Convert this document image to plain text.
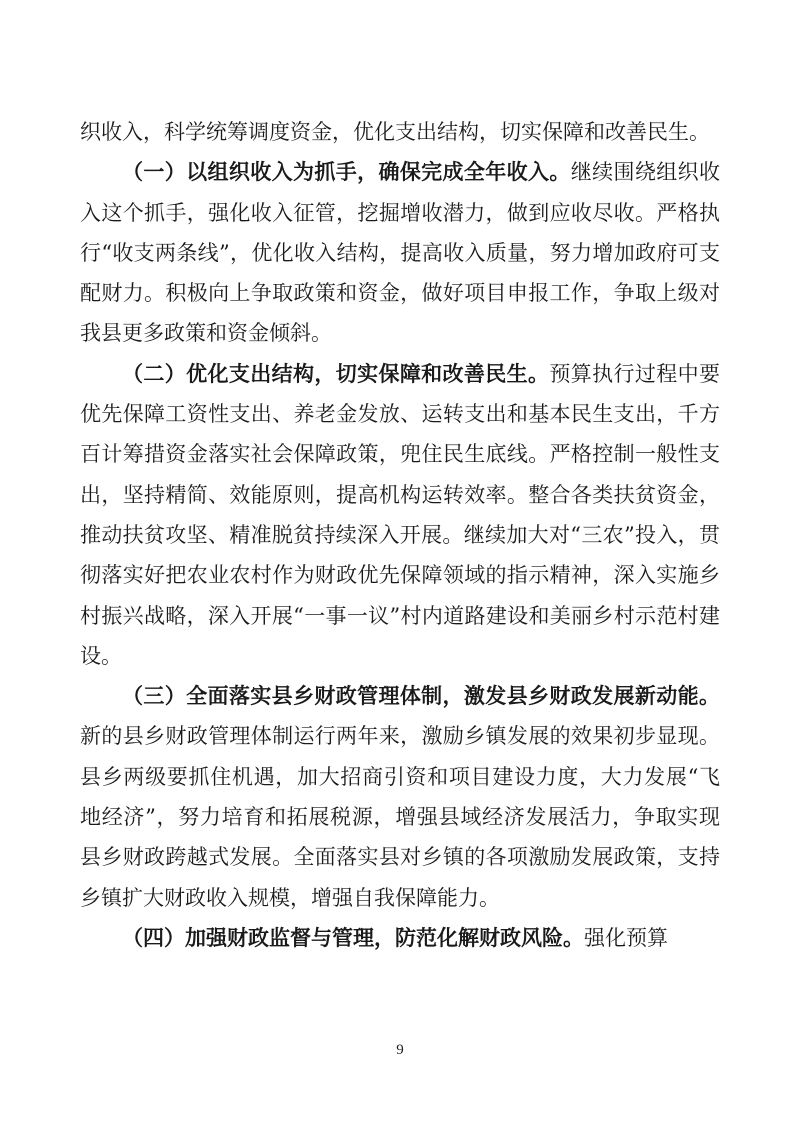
织收入，科学统筹调度资金，优化支出结构，切实保障和改善民生。

（一）以组织收入为抓手，确保完成全年收入。继续围绕组织收入这个抓手，强化收入征管，挖掘增收潜力，做到应收尽收。严格执行“收支两条线”，优化收入结构，提高收入质量，努力增加政府可支配财力。积极向上争取政策和资金，做好项目申报工作，争取上级对我县更多政策和资金倾斜。

（二）优化支出结构，切实保障和改善民生。预算执行过程中要优先保障工资性支出、养老金发放、运转支出和基本民生支出，千方百计筹措资金落实社会保障政策，兜住民生底线。严格控制一般性支出，坚持精简、效能原则，提高机构运转效率。整合各类扶贫资金，推动扶贫攻坚、精准脱贫持续深入开展。继续加大对“三农”投入，贯彻落实好把农业农村作为财政优先保障领域的指示精神，深入实施乡村振兴战略，深入开展“一事一议”村内道路建设和美丽乡村示范村建设。

（三）全面落实县乡财政管理体制，激发县乡财政发展新动能。新的县乡财政管理体制运行两年来，激励乡镇发展的效果初步显现。县乡两级要抓住机遇，加大招商引资和项目建设力度，大力发展“飞地经济”，努力培育和拓展税源，增强县域经济发展活力，争取实现县乡财政跨越式发展。全面落实县对乡镇的各项激励发展政策，支持乡镇扩大财政收入规模，增强自我保障能力。

（四）加强财政监督与管理，防范化解财政风险。强化预算

9
